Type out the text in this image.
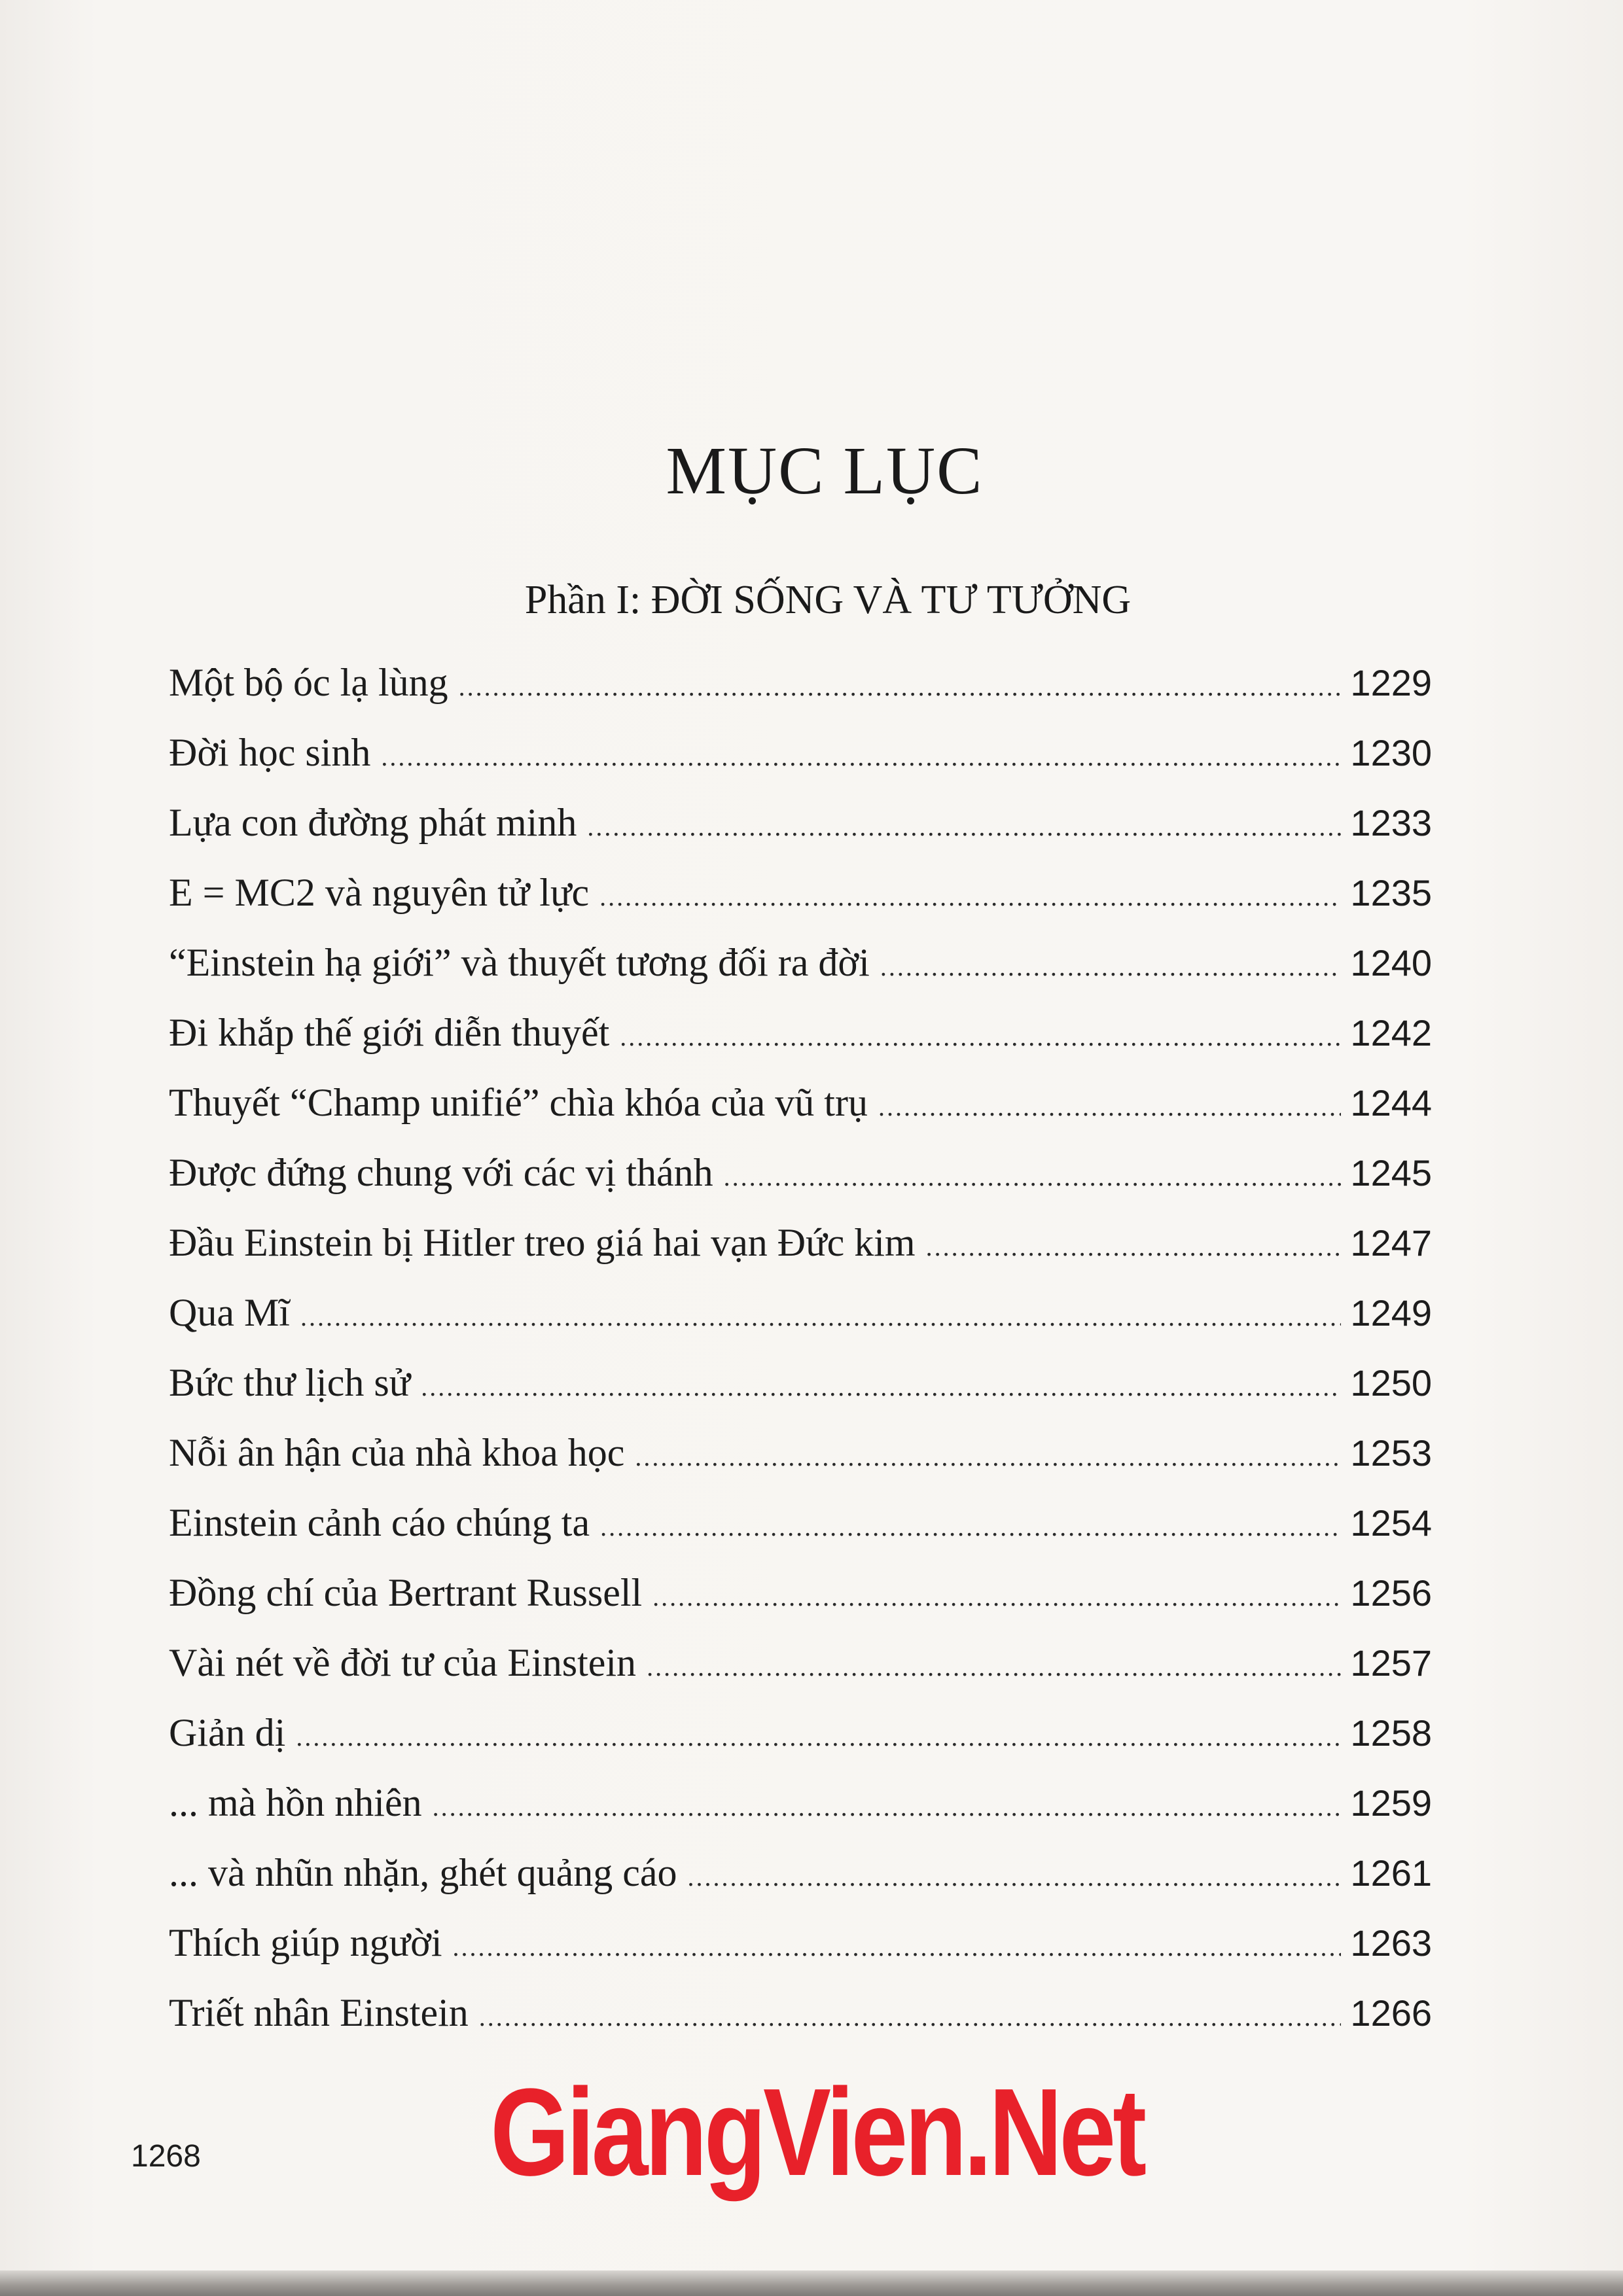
MỤC LỤC
Phần I: ĐỜI SỐNG VÀ TƯ TƯỞNG
Một bộ óc lạ lùng .....	1229
Đời học sinh .....	1230
Lựa con đường phát minh .....	1233
E = MC2 và nguyên tử lực .....	1235
“Einstein hạ giới” và thuyết tương đối ra đời .....	1240
Đi khắp thế giới diễn thuyết .....	1242
Thuyết “Champ unifié” chìa khóa của vũ trụ .....	1244
Được đứng chung với các vị thánh .....	1245
Đầu Einstein bị Hitler treo giá hai vạn Đức kim .....	1247
Qua Mĩ .....	1249
Bức thư lịch sử .....	1250
Nỗi ân hận của nhà khoa học .....	1253
Einstein cảnh cáo chúng ta .....	1254
Đồng chí của Bertrant Russell .....	1256
Vài nét về đời tư của Einstein .....	1257
Giản dị .....	1258
... mà hồn nhiên .....	1259
... và nhũn nhặn, ghét quảng cáo .....	1261
Thích giúp người .....	1263
Triết nhân Einstein .....	1266
GiangVien.Net
1268
